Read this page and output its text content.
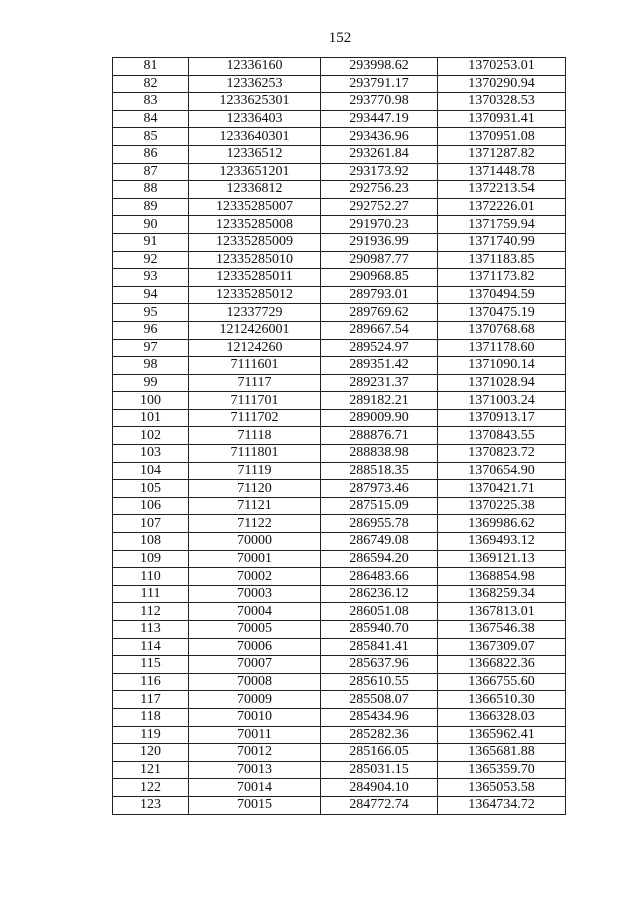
152
81	12336160	293998.62	1370253.01
82	12336253	293791.17	1370290.94
83	1233625301	293770.98	1370328.53
84	12336403	293447.19	1370931.41
85	1233640301	293436.96	1370951.08
86	12336512	293261.84	1371287.82
87	1233651201	293173.92	1371448.78
88	12336812	292756.23	1372213.54
89	12335285007	292752.27	1372226.01
90	12335285008	291970.23	1371759.94
91	12335285009	291936.99	1371740.99
92	12335285010	290987.77	1371183.85
93	12335285011	290968.85	1371173.82
94	12335285012	289793.01	1370494.59
95	12337729	289769.62	1370475.19
96	1212426001	289667.54	1370768.68
97	12124260	289524.97	1371178.60
98	7111601	289351.42	1371090.14
99	71117	289231.37	1371028.94
100	7111701	289182.21	1371003.24
101	7111702	289009.90	1370913.17
102	71118	288876.71	1370843.55
103	7111801	288838.98	1370823.72
104	71119	288518.35	1370654.90
105	71120	287973.46	1370421.71
106	71121	287515.09	1370225.38
107	71122	286955.78	1369986.62
108	70000	286749.08	1369493.12
109	70001	286594.20	1369121.13
110	70002	286483.66	1368854.98
111	70003	286236.12	1368259.34
112	70004	286051.08	1367813.01
113	70005	285940.70	1367546.38
114	70006	285841.41	1367309.07
115	70007	285637.96	1366822.36
116	70008	285610.55	1366755.60
117	70009	285508.07	1366510.30
118	70010	285434.96	1366328.03
119	70011	285282.36	1365962.41
120	70012	285166.05	1365681.88
121	70013	285031.15	1365359.70
122	70014	284904.10	1365053.58
123	70015	284772.74	1364734.72
